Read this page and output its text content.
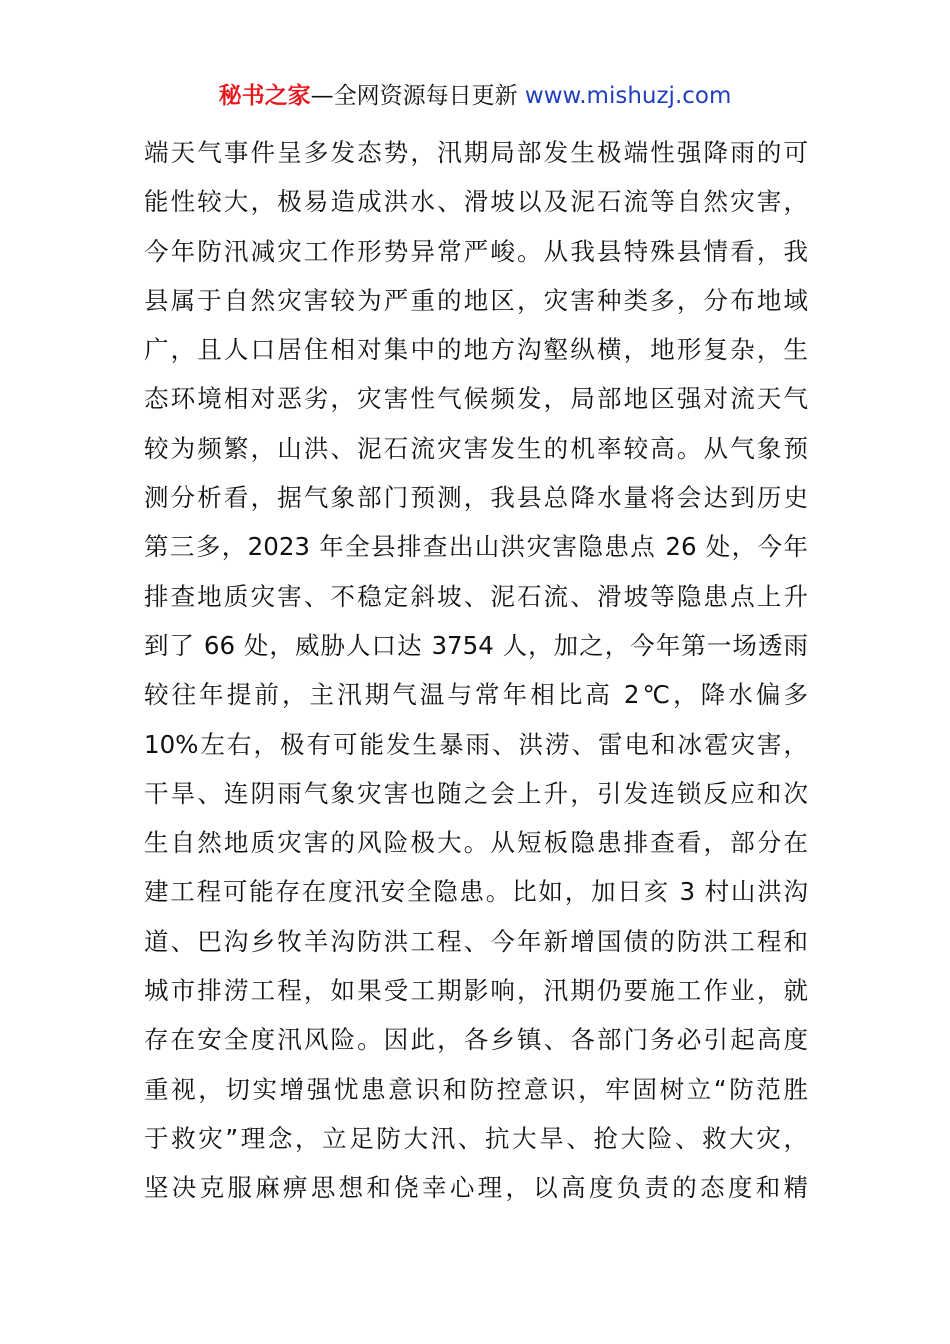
秘书之家—全网资源每日更新 www.mishuzj.com
端天气事件呈多发态势，汛期局部发生极端性强降雨的可
能性较大，极易造成洪水、滑坡以及泥石流等自然灾害，
今年防汛减灾工作形势异常严峻。从我县特殊县情看，我
县属于自然灾害较为严重的地区，灾害种类多，分布地域
广，且人口居住相对集中的地方沟壑纵横，地形复杂，生
态环境相对恶劣，灾害性气候频发，局部地区强对流天气
较为频繁，山洪、泥石流灾害发生的机率较高。从气象预
测分析看，据气象部门预测，我县总降水量将会达到历史
第三多，2023 年全县排查出山洪灾害隐患点 26 处，今年
排查地质灾害、不稳定斜坡、泥石流、滑坡等隐患点上升
到了 66 处，威胁人口达 3754 人，加之，今年第一场透雨
较往年提前，主汛期气温与常年相比高 2℃，降水偏多
10%左右，极有可能发生暴雨、洪涝、雷电和冰雹灾害，
干旱、连阴雨气象灾害也随之会上升，引发连锁反应和次
生自然地质灾害的风险极大。从短板隐患排查看，部分在
建工程可能存在度汛安全隐患。比如，加日亥 3 村山洪沟
道、巴沟乡牧羊沟防洪工程、今年新增国债的防洪工程和
城市排涝工程，如果受工期影响，汛期仍要施工作业，就
存在安全度汛风险。因此，各乡镇、各部门务必引起高度
重视，切实增强忧患意识和防控意识，牢固树立“防范胜
于救灾”理念，立足防大汛、抗大旱、抢大险、救大灾，
坚决克服麻痹思想和侥幸心理，以高度负责的态度和精
